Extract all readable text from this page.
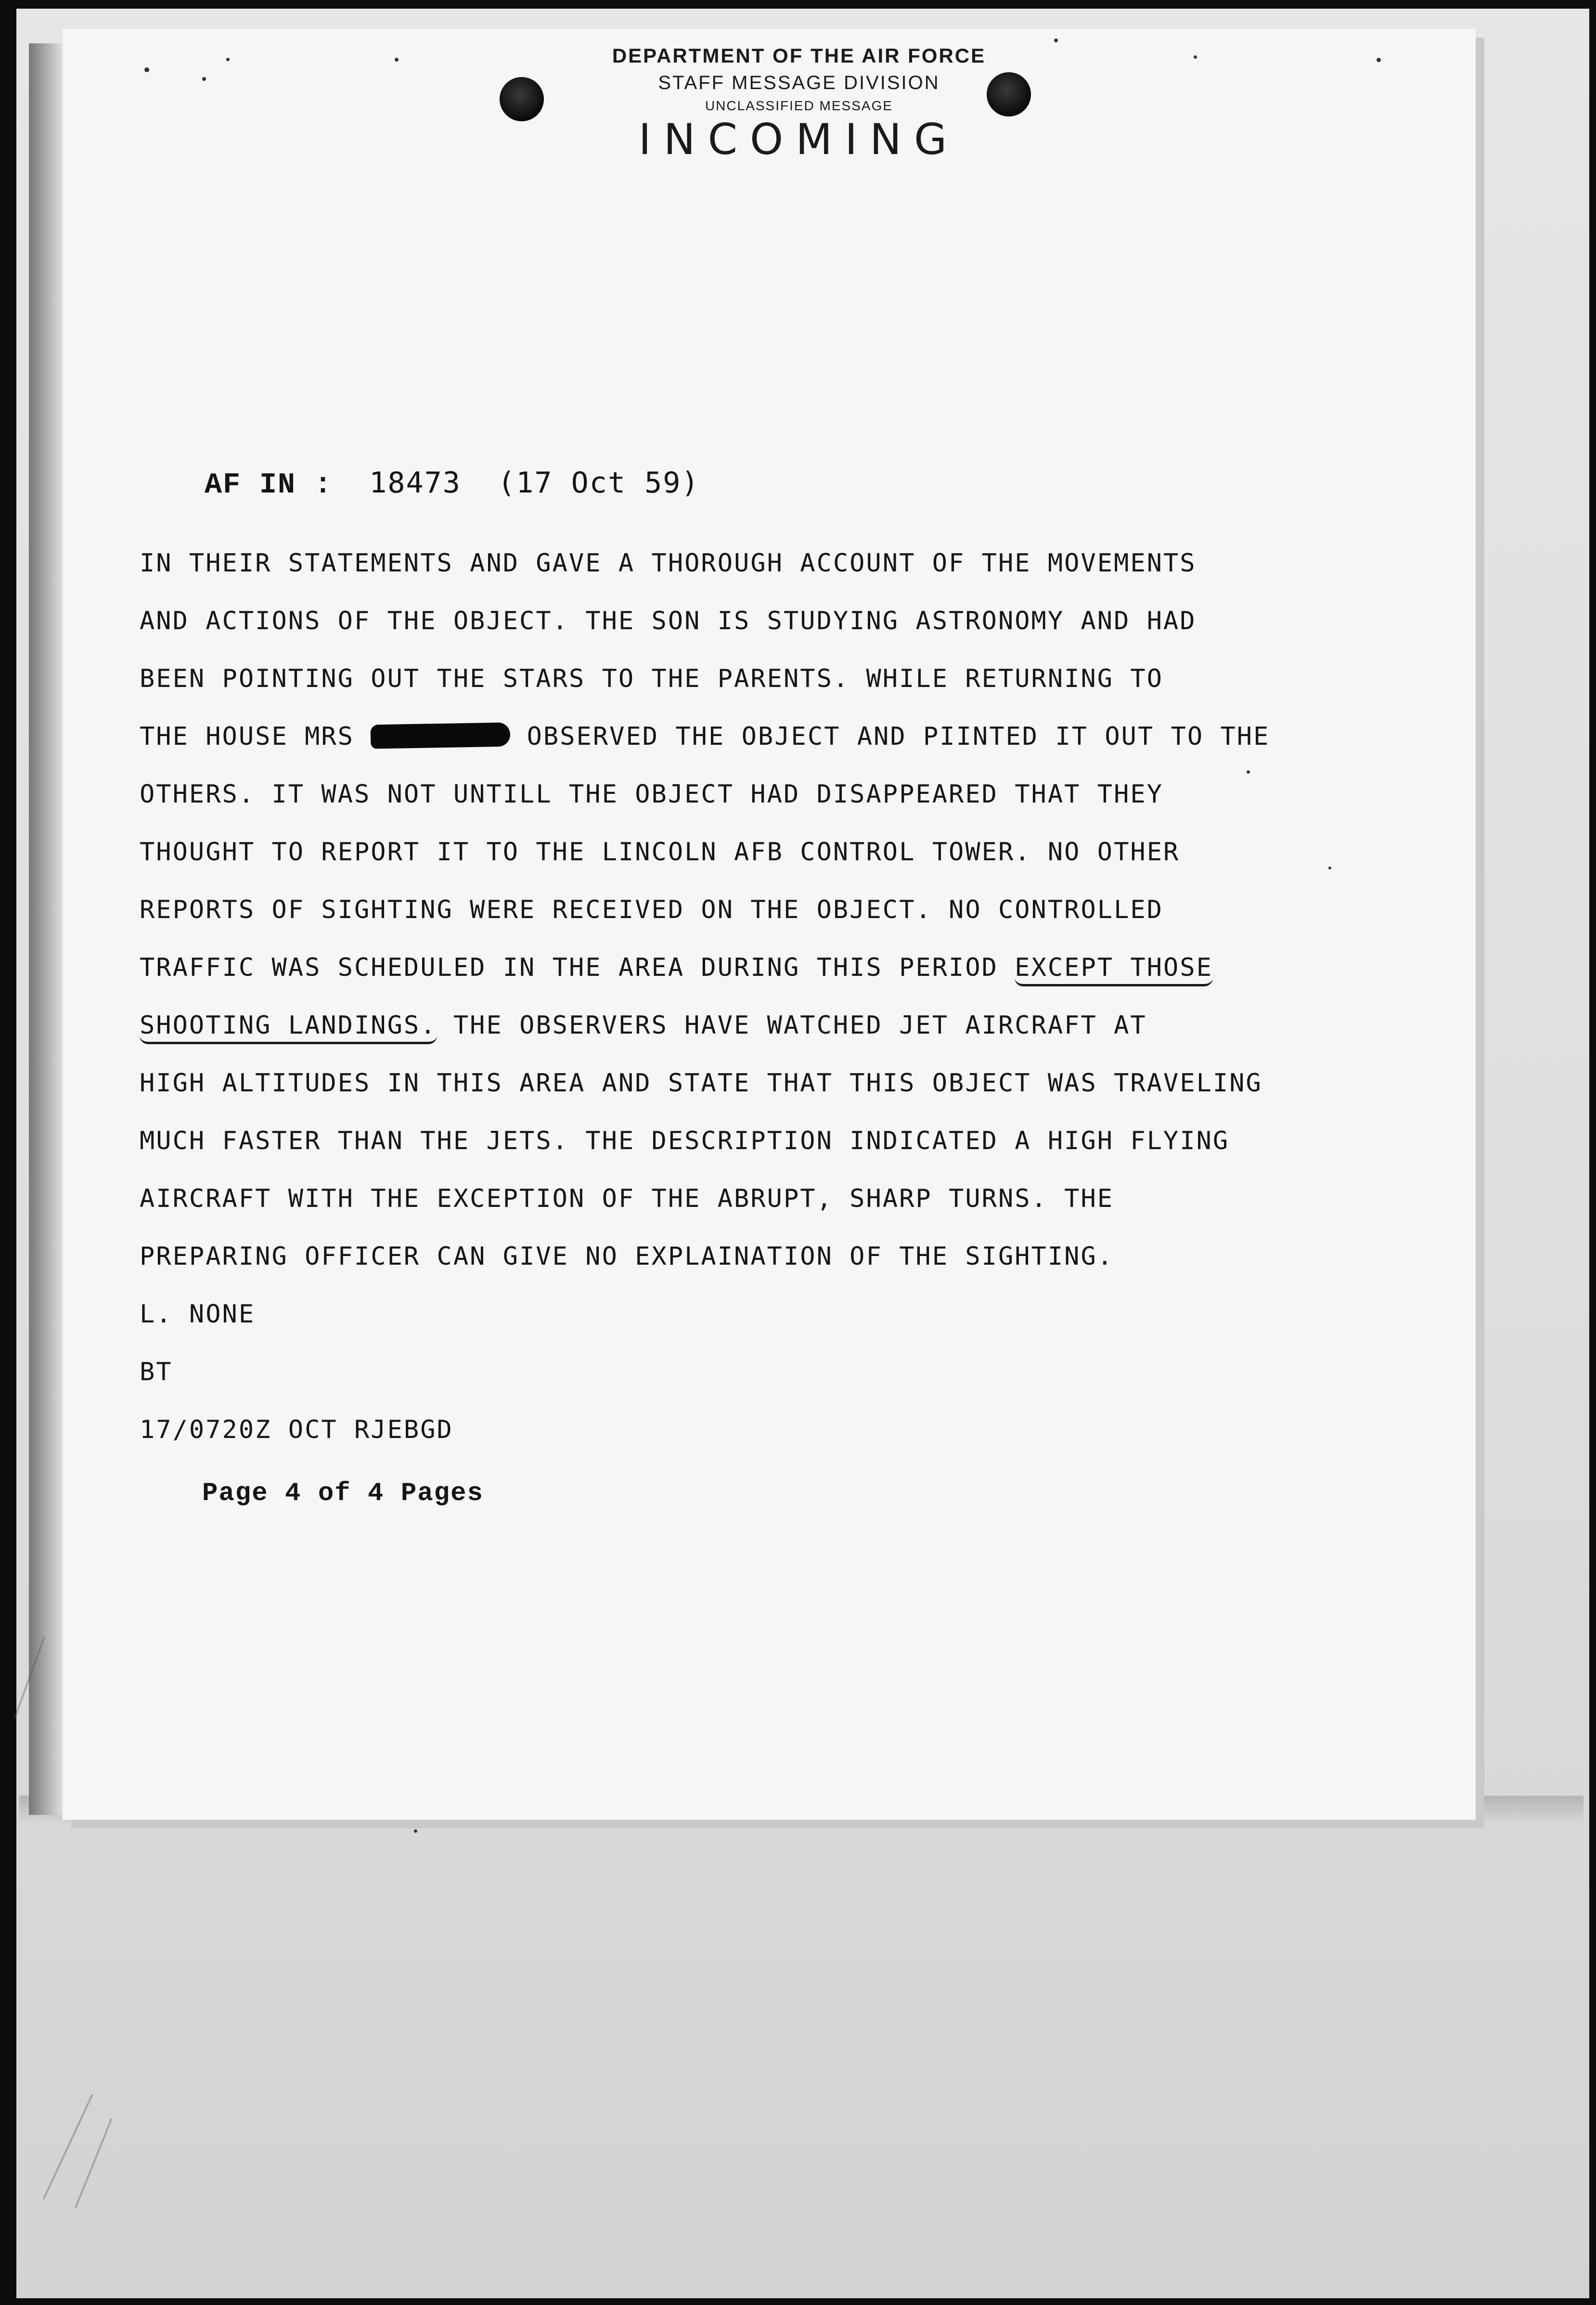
DEPARTMENT OF THE AIR FORCE
STAFF MESSAGE DIVISION
UNCLASSIFIED MESSAGE
INCOMING
AF IN : 18473 (17 Oct 59)
IN THEIR STATEMENTS AND GAVE A THOROUGH ACCOUNT OF THE MOVEMENTS
AND ACTIONS OF THE OBJECT. THE SON IS STUDYING ASTRONOMY AND HAD
BEEN POINTING OUT THE STARS TO THE PARENTS. WHILE RETURNING TO
THE HOUSE MRS	OBSERVED THE OBJECT AND PIINTED IT OUT TO THE
OTHERS. IT WAS NOT UNTILL THE OBJECT HAD DISAPPEARED THAT THEY
THOUGHT TO REPORT IT TO THE LINCOLN AFB CONTROL TOWER. NO OTHER
REPORTS OF SIGHTING WERE RECEIVED ON THE OBJECT. NO CONTROLLED
TRAFFIC WAS SCHEDULED IN THE AREA DURING THIS PERIOD EXCEPT THOSE
SHOOTING LANDINGS. THE OBSERVERS HAVE WATCHED JET AIRCRAFT AT
HIGH ALTITUDES IN THIS AREA AND STATE THAT THIS OBJECT WAS TRAVELING
MUCH FASTER THAN THE JETS. THE DESCRIPTION INDICATED A HIGH FLYING
AIRCRAFT WITH THE EXCEPTION OF THE ABRUPT, SHARP TURNS. THE
PREPARING OFFICER CAN GIVE NO EXPLAINATION OF THE SIGHTING.
L. NONE
BT
17/0720Z OCT RJEBGD
Page 4 of 4 Pages
